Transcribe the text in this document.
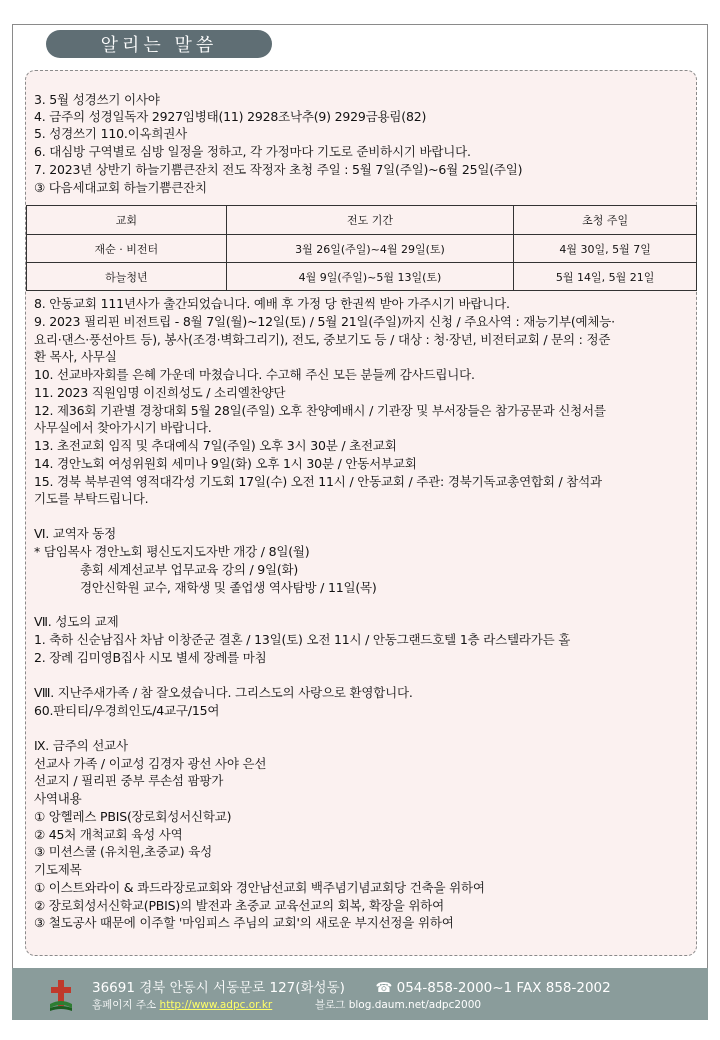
알리는 말씀
3. 5월 성경쓰기 이사야
4. 금주의 성경일독자 2927임병태(11) 2928조낙추(9) 2929금용림(82)
5. 성경쓰기 110.이옥희권사
6. 대심방 구역별로 심방 일정을 정하고, 각 가정마다 기도로 준비하시기 바랍니다.
7. 2023년 상반기 하늘기쁨큰잔치 전도 작정자 초청 주일 : 5월 7일(주일)~6월 25일(주일)
③ 다음세대교회 하늘기쁨큰잔치
교회	전도 기간	초청 주일
재순 · 비전터	3월 26일(주일)~4월 29일(토)	4월 30일, 5월 7일
하늘청년	4월 9일(주일)~5월 13일(토)	5월 14일, 5월 21일
8. 안동교회 111년사가 출간되었습니다. 예배 후 가정 당 한권씩 받아 가주시기 바랍니다.
9. 2023 필리핀 비전트립 - 8월 7일(월)~12일(토) / 5월 21일(주일)까지 신청 / 주요사역 : 재능기부(예체능·
요리·댄스·풍선아트 등), 봉사(조경·벽화그리기), 전도, 중보기도 등 / 대상 : 청·장년, 비전터교회 / 문의 : 정준
환 목사, 사무실
10. 선교바자회를 은혜 가운데 마쳤습니다. 수고해 주신 모든 분들께 감사드립니다.
11. 2023 직원임명 이진희성도 / 소리엘찬양단
12. 제36회 기관별 경창대회 5월 28일(주일) 오후 찬양예배시 / 기관장 및 부서장들은 참가공문과 신청서를
사무실에서 찾아가시기 바랍니다.
13. 초전교회 임직 및 추대예식 7일(주일) 오후 3시 30분 / 초전교회
14. 경안노회 여성위원회 세미나 9일(화) 오후 1시 30분 / 안동서부교회
15. 경북 북부권역 영적대각성 기도회 17일(수) 오전 11시 / 안동교회 / 주관: 경북기독교총연합회 / 참석과
기도를 부탁드립니다.
Ⅵ. 교역자 동정
* 담임목사 경안노회 평신도지도자반 개강 / 8일(월)
총회 세계선교부 업무교육 강의 / 9일(화)
경안신학원 교수, 재학생 및 졸업생 역사탐방 / 11일(목)
Ⅶ. 성도의 교제
1. 축하 신순남집사 차남 이창준군 결혼 / 13일(토) 오전 11시 / 안동그랜드호텔 1층 라스텔라가든 홀
2. 장례 김미영B집사 시모 별세 장례를 마침
Ⅷ. 지난주새가족 / 참 잘오셨습니다. 그리스도의 사랑으로 환영합니다.
60.판티티/우경희인도/4교구/15여
Ⅸ. 금주의 선교사
선교사 가족 / 이교성 김경자 광선 사야 은선
선교지 / 필리핀 중부 루손섬 팜팡가
사역내용
① 앙헬레스 PBIS(장로회성서신학교)
② 45처 개척교회 육성 사역
③ 미션스쿨 (유치원,초중교) 육성
기도제목
① 이스트와라이 & 콰드라장로교회와 경안남선교회 백주념기념교회당 건축을 위하여
② 장로회성서신학교(PBIS)의 발전과 초중교 교육선교의 회복, 확장을 위하여
③ 철도공사 때문에 이주할 '마임피스 주님의 교회'의 새로운 부지선정을 위하여
36691 경북 안동시 서동문로 127(화성동) ☎ 054-858-2000~1 FAX 858-2002
홈페이지 주소 http://www.adpc.or.kr	블로그 blog.daum.net/adpc2000
